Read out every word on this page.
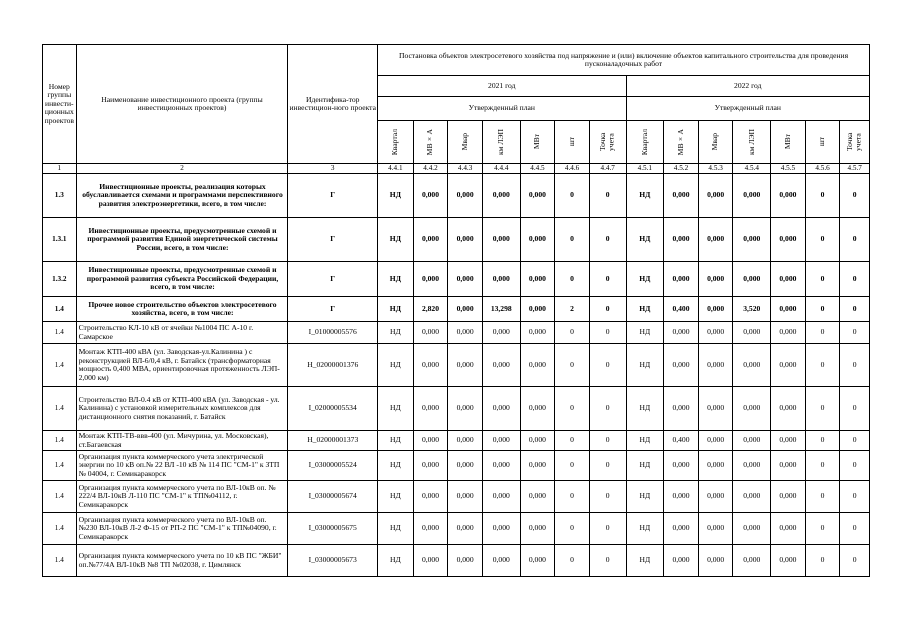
Номер группы инвести-ционных проектов	Наименование инвестиционного проекта (группы инвестиционных проектов)	Идентифика-тор инвестицион-ного проекта	Постановка объектов электросетевого хозяйства под напряжение и (или) включение объектов капитального строительства для проведения пусконаладочных работ													
			2021 год							2022 год						
			Утвержденный план							Утвержденный план						

			Квартал	МВ×А	Мвар	км ЛЭП	МВт	шт	Точка учета	Квартал	МВ×А	Мвар	км ЛЭП	МВт	шт	Точка учета

1	2	3	4.4.1	4.4.2	4.4.3	4.4.4	4.4.5	4.4.6	4.4.7	4.5.1	4.5.2	4.5.3	4.5.4	4.5.5	4.5.6	4.5.7
1.3	Инвестиционные проекты, реализация которых обуславливается схемами и программами перспективного развития электроэнергетики, всего, в том числе:	Г	НД	0,000	0,000	0,000	0,000	0	0	НД	0,000	0,000	0,000	0,000	0	0
1.3.1	Инвестиционные проекты, предусмотренные схемой и программой развития Единой энергетической системы России, всего, в том числе:	Г	НД	0,000	0,000	0,000	0,000	0	0	НД	0,000	0,000	0,000	0,000	0	0
1.3.2	Инвестиционные проекты, предусмотренные схемой и программой развития субъекта Российской Федерации, всего, в том числе:	Г	НД	0,000	0,000	0,000	0,000	0	0	НД	0,000	0,000	0,000	0,000	0	0
1.4	Прочее новое строительство объектов электросетевого хозяйства, всего, в том числе:	Г	НД	2,820	0,000	13,298	0,000	2	0	НД	0,400	0,000	3,520	0,000	0	0
1.4	Строительство КЛ-10 кВ от ячейки №1004 ПС А-10 г. Самарское	I_01000005576	НД	0,000	0,000	0,000	0,000	0	0	НД	0,000	0,000	0,000	0,000	0	0
1.4	Монтаж КТП-400 кВА (ул. Заводская-ул.Калинина ) с реконструкцией ВЛ-6/0,4 кВ, г. Батайск (трансформаторная мощность 0,400 МВА, ориентировочная протяженность ЛЭП- 2,000 км)	H_02000001376	НД	0,000	0,000	0,000	0,000	0	0	НД	0,000	0,000	0,000	0,000	0	0
1.4	Строительство ВЛ-0.4 кВ от КТП-400 кВА (ул. Заводская - ул. Калинина) с установкой измерительных комплексов для дистанционного снятия показаний, г. Батайск	I_02000005534	НД	0,000	0,000	0,000	0,000	0	0	НД	0,000	0,000	0,000	0,000	0	0
1.4	Монтаж КТП-ТВ-ввв-400 (ул. Мичурина, ул. Московская), ст.Багаевская	H_02000001373	НД	0,000	0,000	0,000	0,000	0	0	НД	0,400	0,000	0,000	0,000	0	0
1.4	Организация пункта коммерческого учета электрической энергии по 10 кВ оп.№ 22 ВЛ -10 кВ № 114 ПС "СМ-1" к ЗТП № 04004, г. Семикаракорск	I_03000005524	НД	0,000	0,000	0,000	0,000	0	0	НД	0,000	0,000	0,000	0,000	0	0
1.4	Организация пункта коммерческого учета по ВЛ-10кВ оп. № 222/4 ВЛ-10кВ Л-110 ПС "СМ-1" к ТП№04112, г. Семикаракорск	I_03000005674	НД	0,000	0,000	0,000	0,000	0	0	НД	0,000	0,000	0,000	0,000	0	0
1.4	Организация пункта коммерческого учета по ВЛ-10кВ оп. №230 ВЛ-10кВ Л-2 Ф-15 от РП-2 ПС "СМ-1" к ТП№04090, г. Семикаракорск	I_03000005675	НД	0,000	0,000	0,000	0,000	0	0	НД	0,000	0,000	0,000	0,000	0	0
1.4	Организация пункта коммерческого учета по 10 кВ ПС "ЖБИ" оп.№77/4А ВЛ-10кВ №8 ТП №02038, г. Цимлянск	I_03000005673	НД	0,000	0,000	0,000	0,000	0	0	НД	0,000	0,000	0,000	0,000	0	0
